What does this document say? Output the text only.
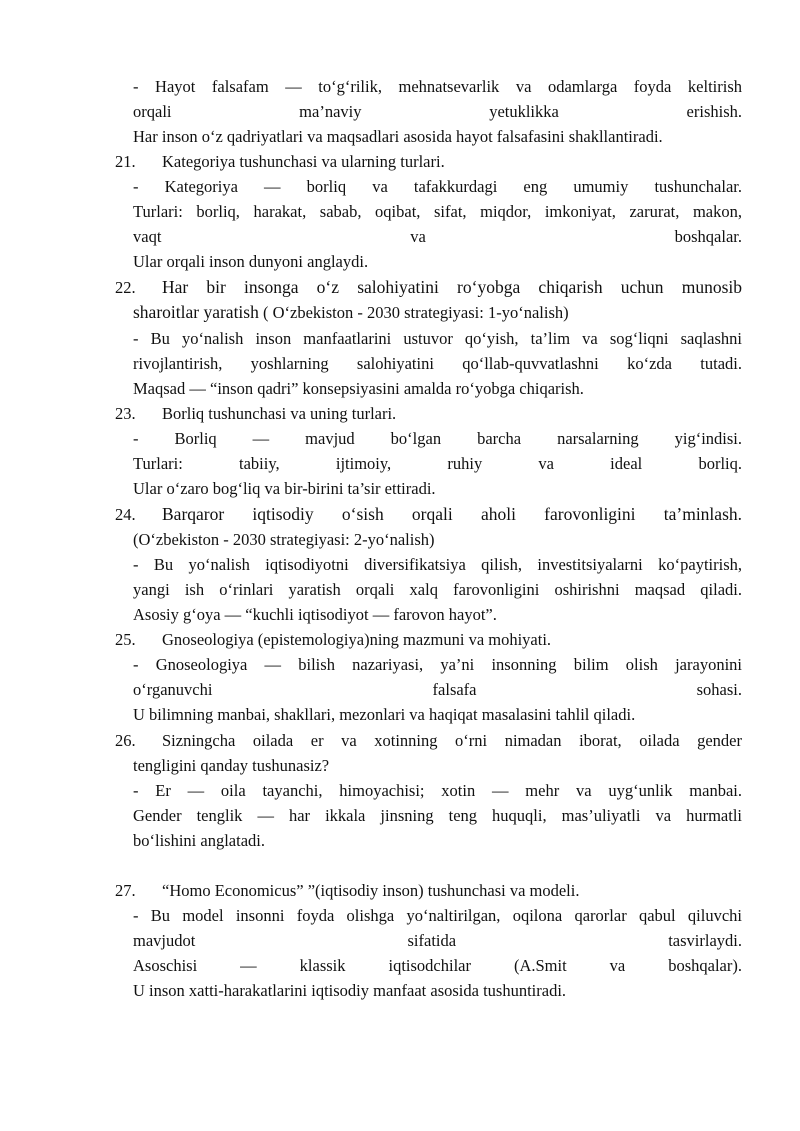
- Hayot falsafam — to‘g‘rilik, mehnatsevarlik va odamlarga foyda keltirish
orqali ma’naviy yetuklikka erishish.
Har inson o‘z qadriyatlari va maqsadlari asosida hayot falsafasini shakllantiradi.
21. Kategoriya tushunchasi va ularning turlari.
- Kategoriya — borliq va tafakkurdagi eng umumiy tushunchalar.
Turlari: borliq, harakat, sabab, oqibat, sifat, miqdor, imkoniyat, zarurat, makon,
vaqt va boshqalar.
Ular orqali inson dunyoni anglaydi.
22. Har bir insonga o‘z salohiyatini ro‘yobga chiqarish uchun munosib
sharoitlar yaratish ( O‘zbekiston - 2030 strategiyasi: 1-yo‘nalish)
- Bu yo‘nalish inson manfaatlarini ustuvor qo‘yish, ta’lim va sog‘liqni saqlashni
rivojlantirish, yoshlarning salohiyatini qo‘llab-quvvatlashni ko‘zda tutadi.
Maqsad — “inson qadri” konsepsiyasini amalda ro‘yobga chiqarish.
23. Borliq tushunchasi va uning turlari.
- Borliq — mavjud bo‘lgan barcha narsalarning yig‘indisi.
Turlari: tabiiy, ijtimoiy, ruhiy va ideal borliq.
Ular o‘zaro bog‘liq va bir-birini ta’sir ettiradi.
24. Barqaror iqtisodiy o‘sish orqali aholi farovonligini ta’minlash.
(O‘zbekiston - 2030 strategiyasi: 2-yo‘nalish)
- Bu yo‘nalish iqtisodiyotni diversifikatsiya qilish, investitsiyalarni ko‘paytirish,
yangi ish o‘rinlari yaratish orqali xalq farovonligini oshirishni maqsad qiladi.
Asosiy g‘oya — “kuchli iqtisodiyot — farovon hayot”.
25. Gnoseologiya (epistemologiya)ning mazmuni va mohiyati.
- Gnoseologiya — bilish nazariyasi, ya’ni insonning bilim olish jarayonini
o‘rganuvchi falsafa sohasi.
U bilimning manbai, shakllari, mezonlari va haqiqat masalasini tahlil qiladi.
26. Sizningcha oilada er va xotinning o‘rni nimadan iborat, oilada gender
tengligini qanday tushunasiz?
- Er — oila tayanchi, himoyachisi; xotin — mehr va uyg‘unlik manbai.
Gender tenglik — har ikkala jinsning teng huquqli, mas’uliyatli va hurmatli
bo‘lishini anglatadi.
27. “Homo Economicus” ”(iqtisodiy inson) tushunchasi va modeli.
- Bu model insonni foyda olishga yo‘naltirilgan, oqilona qarorlar qabul qiluvchi
mavjudot sifatida tasvirlaydi.
Asoschisi — klassik iqtisodchilar (A.Smit va boshqalar).
U inson xatti-harakatlarini iqtisodiy manfaat asosida tushuntiradi.
